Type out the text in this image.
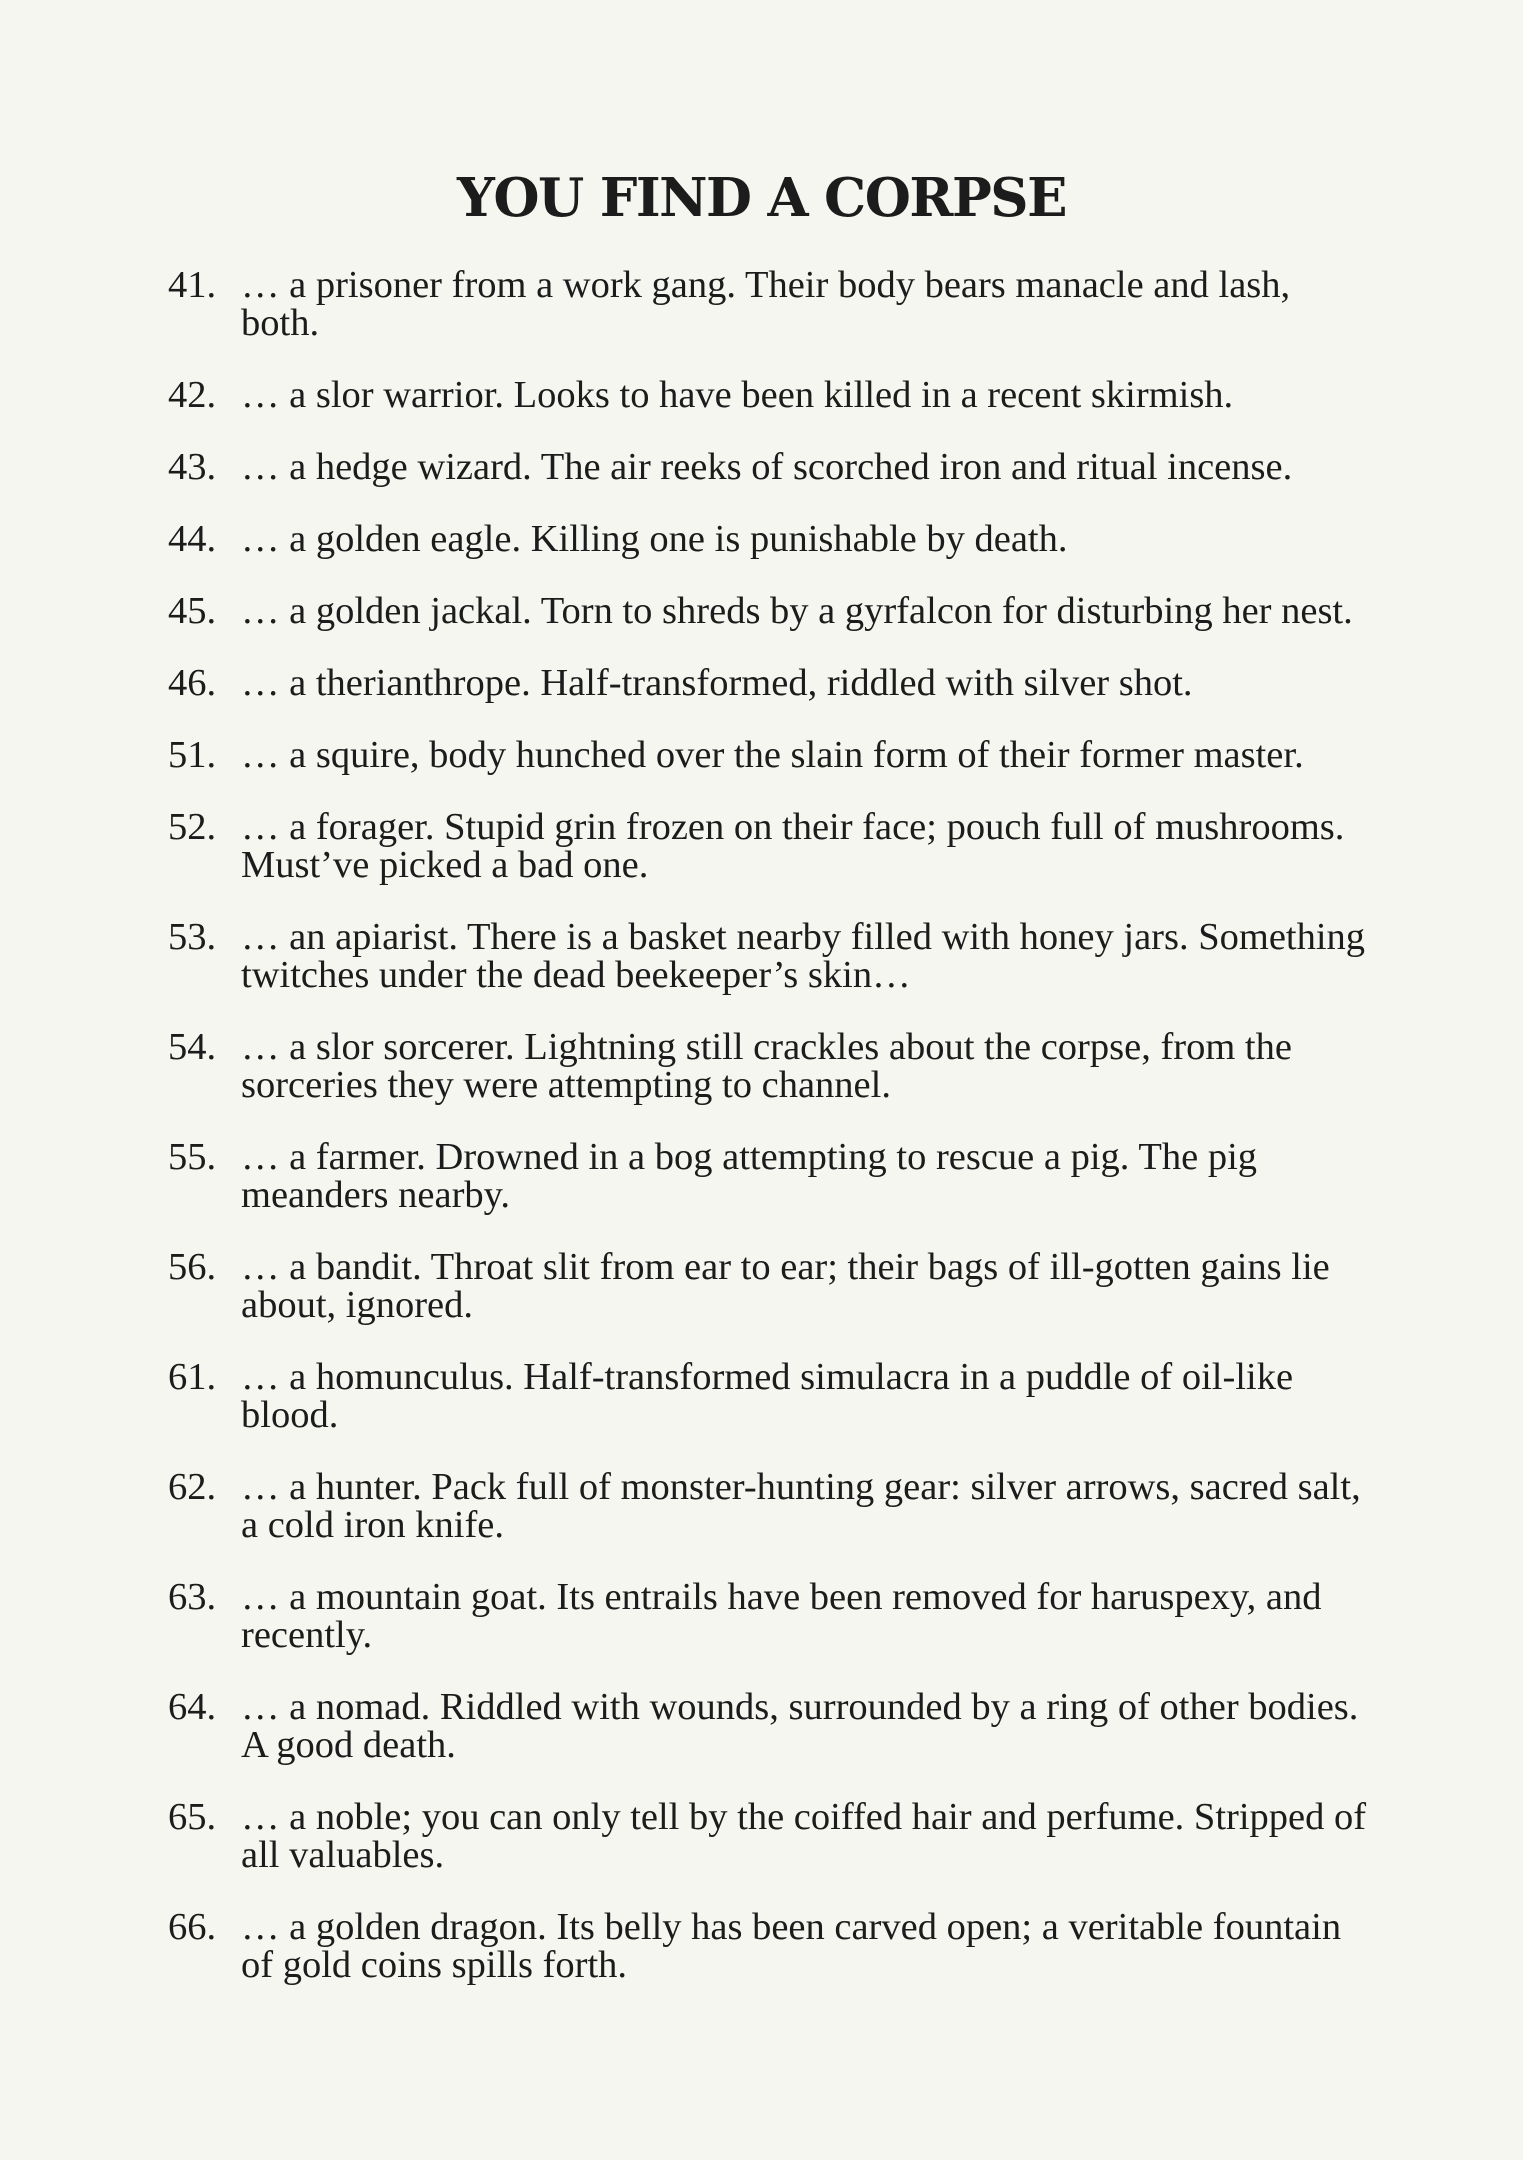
YOU FIND A CORPSE
41. … a prisoner from a work gang. Their body bears manacle and lash, both.
42. … a slor warrior. Looks to have been killed in a recent skirmish.
43. … a hedge wizard. The air reeks of scorched iron and ritual incense.
44. … a golden eagle. Killing one is punishable by death.
45. … a golden jackal. Torn to shreds by a gyrfalcon for disturbing her nest.
46. … a therianthrope. Half-transformed, riddled with silver shot.
51. … a squire, body hunched over the slain form of their former master.
52. … a forager. Stupid grin frozen on their face; pouch full of mushrooms. Must’ve picked a bad one.
53. … an apiarist. There is a basket nearby filled with honey jars. Something twitches under the dead beekeeper’s skin…
54. … a slor sorcerer. Lightning still crackles about the corpse, from the sorceries they were attempting to channel.
55. … a farmer. Drowned in a bog attempting to rescue a pig. The pig meanders nearby.
56. … a bandit. Throat slit from ear to ear; their bags of ill-gotten gains lie about, ignored.
61. … a homunculus. Half-transformed simulacra in a puddle of oil-like blood.
62. … a hunter. Pack full of monster-hunting gear: silver arrows, sacred salt, a cold iron knife.
63. … a mountain goat. Its entrails have been removed for haruspexy, and recently.
64. … a nomad. Riddled with wounds, surrounded by a ring of other bodies. A good death.
65. … a noble; you can only tell by the coiffed hair and perfume. Stripped of all valuables.
66. … a golden dragon. Its belly has been carved open; a veritable fountain of gold coins spills forth.
